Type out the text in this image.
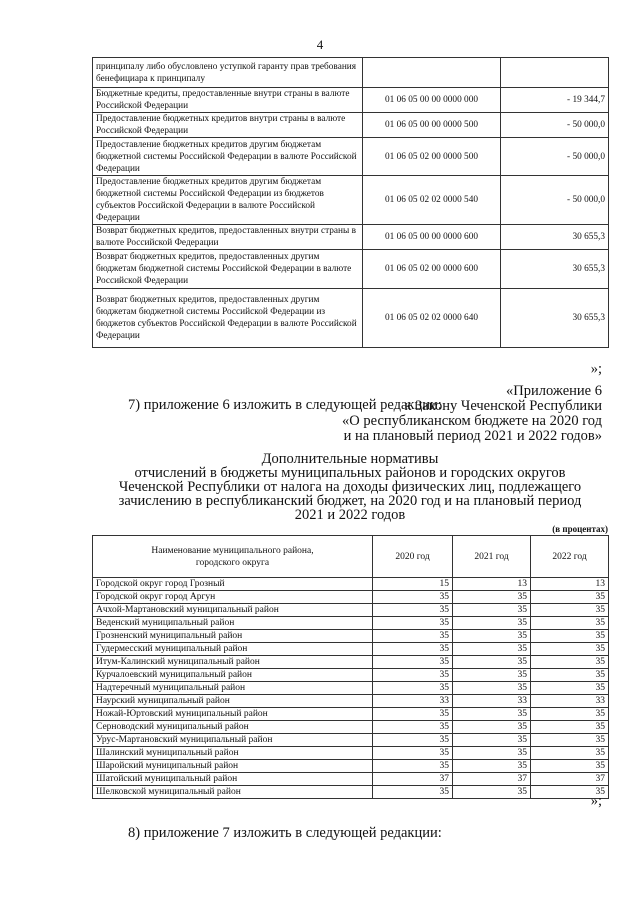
4
принципалу либо обусловлено уступкой гаранту прав требования бенефициара к принципалу		
Бюджетные кредиты, предоставленные внутри страны в валюте Российской Федерации	01 06 05 00 00 0000 000	- 19 344,7
Предоставление бюджетных кредитов внутри страны в валюте Российской Федерации	01 06 05 00 00 0000 500	- 50 000,0
Предоставление бюджетных кредитов другим бюджетам бюджетной системы Российской Федерации в валюте Российской Федерации	01 06 05 02 00 0000 500	- 50 000,0
Предоставление бюджетных кредитов другим бюджетам бюджетной системы Российской Федерации из бюджетов субъектов Российской Федерации в валюте Российской Федерации	01 06 05 02 02 0000 540	- 50 000,0
Возврат бюджетных кредитов, предоставленных внутри страны в валюте Российской Федерации	01 06 05 00 00 0000 600	30 655,3
Возврат бюджетных кредитов, предоставленных другим бюджетам бюджетной системы Российской Федерации в валюте Российской Федерации	01 06 05 02 00 0000 600	30 655,3
Возврат бюджетных кредитов, предоставленных другим бюджетам бюджетной системы Российской Федерации из бюджетов субъектов Российской Федерации в валюте Российской Федерации	01 06 05 02 02 0000 640	30 655,3
»;
7) приложение 6 изложить в следующей редакции:
«Приложение 6
к Закону Чеченской Республики
«О республиканском бюджете на 2020 год
и на плановый период 2021 и 2022 годов»
Дополнительные нормативы
отчислений в бюджеты муниципальных районов и городских округов
Чеченской Республики от налога на доходы физических лиц, подлежащего
зачислению в республиканский бюджет, на 2020 год и на плановый период
2021 и 2022 годов
(в процентах)
Наименование муниципального района, городского округа	2020 год	2021 год	2022 год
Городской округ город Грозный	15	13	13
Городской округ город Аргун	35	35	35
Ачхой-Мартановский муниципальный район	35	35	35
Веденский муниципальный район	35	35	35
Грозненский муниципальный район	35	35	35
Гудермесский муниципальный район	35	35	35
Итум-Калинский муниципальный район	35	35	35
Курчалоевский муниципальный район	35	35	35
Надтеречный муниципальный район	35	35	35
Наурский муниципальный район	33	33	33
Ножай-Юртовский муниципальный район	35	35	35
Серноводский муниципальный район	35	35	35
Урус-Мартановский муниципальный район	35	35	35
Шалинский муниципальный район	35	35	35
Шаройский муниципальный район	35	35	35
Шатойский муниципальный район	37	37	37
Шелковской муниципальный район	35	35	35
»;
8) приложение 7 изложить в следующей редакции:
